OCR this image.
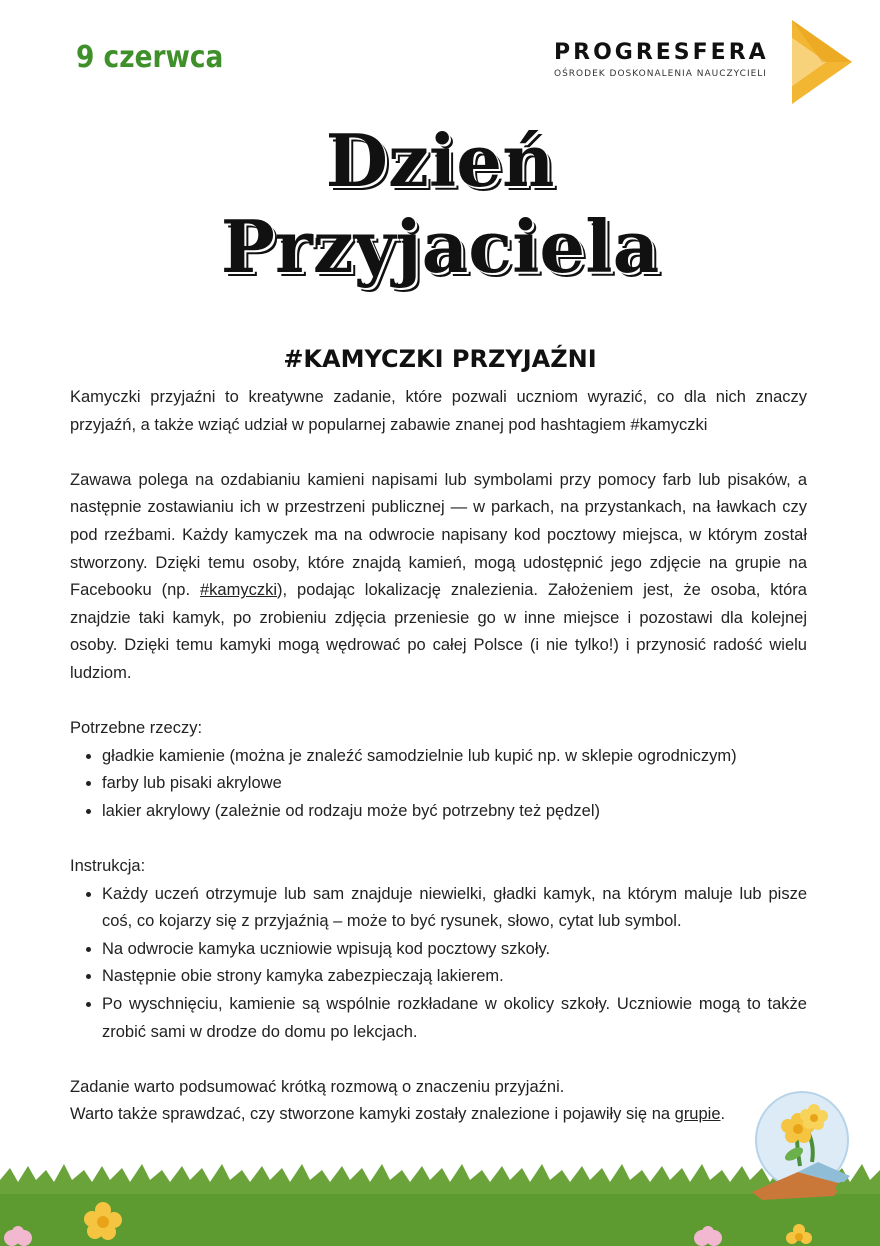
9 czerwca	PROGRESFERA
OŚRODEK DOSKONALENIA NAUCZYCIELI
Dzień
Przyjaciela
#KAMYCZKI PRZYJAŹNI

Kamyczki przyjaźni to kreatywne zadanie, które pozwali uczniom wyrazić, co dla nich znaczy przyjaźń, a także wziąć udział w popularnej zabawie znanej pod hashtagiem #kamyczki

Zawawa polega na ozdabianiu kamieni napisami lub symbolami przy pomocy farb lub pisaków, a następnie zostawianiu ich w przestrzeni publicznej — w parkach, na przystankach, na ławkach czy pod rzeźbami. Każdy kamyczek ma na odwrocie napisany kod pocztowy miejsca, w którym został stworzony. Dzięki temu osoby, które znajdą kamień, mogą udostępnić jego zdjęcie na grupie na Facebooku (np. #kamyczki), podając lokalizację znalezienia. Założeniem jest, że osoba, która znajdzie taki kamyk, po zrobieniu zdjęcia przeniesie go w inne miejsce i pozostawi dla kolejnej osoby. Dzięki temu kamyki mogą wędrować po całej Polsce (i nie tylko!) i przynosić radość wielu ludziom.

Potrzebne rzeczy:

• gładkie kamienie (można je znaleźć samodzielnie lub kupić np. w sklepie ogrodniczym)
• farby lub pisaki akrylowe
• lakier akrylowy (zależnie od rodzaju może być potrzebny też pędzel)

Instrukcja:

• Każdy uczeń otrzymuje lub sam znajduje niewielki, gładki kamyk, na którym maluje lub pisze coś, co kojarzy się z przyjaźnią – może to być rysunek, słowo, cytat lub symbol.
• Na odwrocie kamyka uczniowie wpisują kod pocztowy szkoły.
• Następnie obie strony kamyka zabezpieczają lakierem.
• Po wyschnięciu, kamienie są wspólnie rozkładane w okolicy szkoły. Uczniowie mogą to także zrobić sami w drodze do domu po lekcjach.

Zadanie warto podsumować krótką rozmową o znaczeniu przyjaźni.

Warto także sprawdzać, czy stworzone kamyki zostały znalezione i pojawiły się na grupie.
